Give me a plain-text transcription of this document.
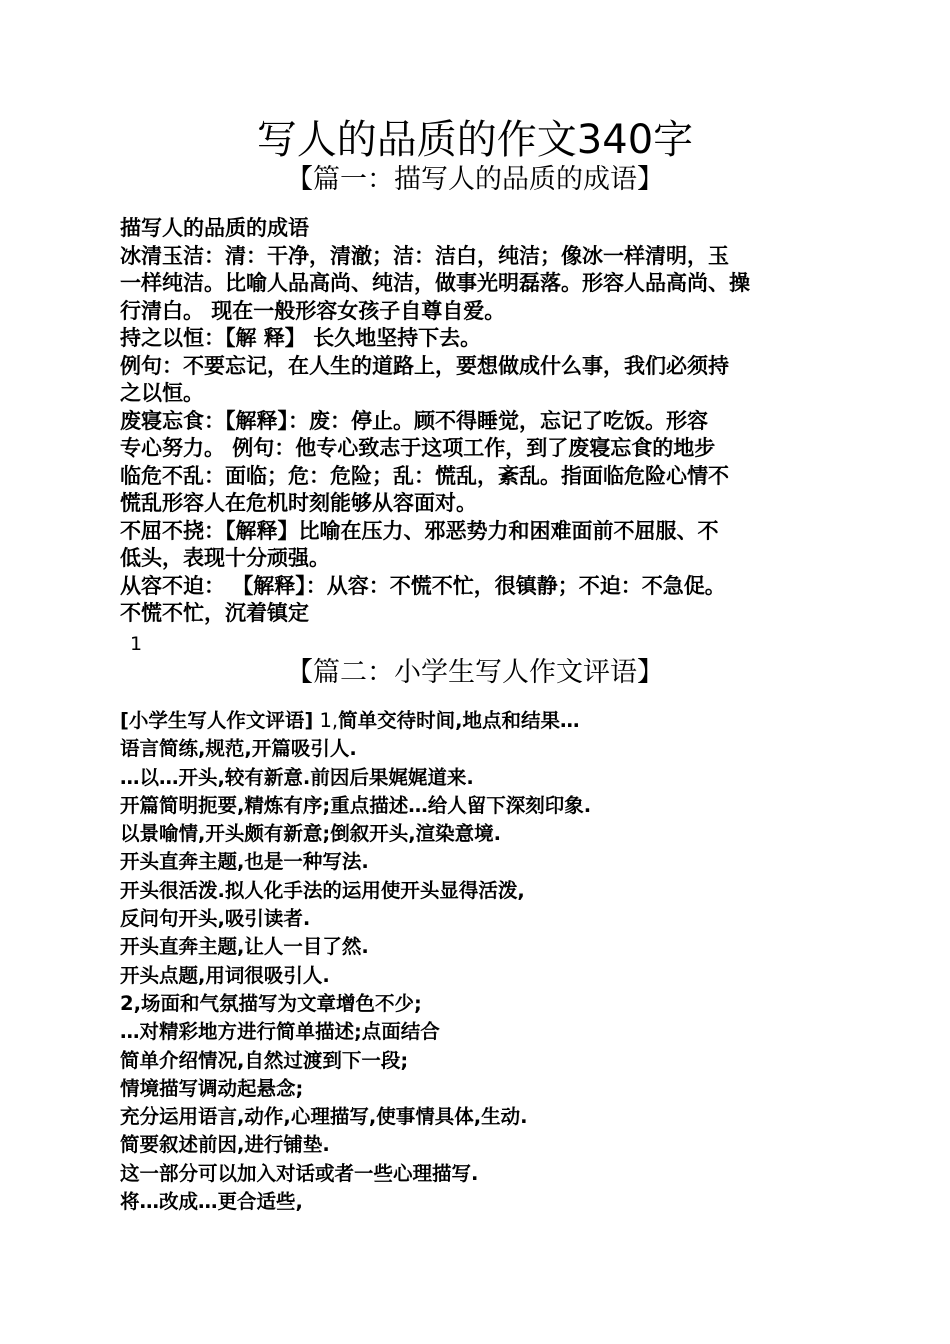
写人的品质的作文340字
【篇一：描写人的品质的成语】
描写人的品质的成语
冰清玉洁：清：干净，清澈；洁：洁白，纯洁；像冰一样清明，玉
一样纯洁。比喻人品高尚、纯洁，做事光明磊落。形容人品高尚、操
行清白。 现在一般形容女孩子自尊自爱。
持之以恒：【解 释】 长久地坚持下去。
例句：不要忘记，在人生的道路上，要想做成什么事，我们必须持
之以恒。
废寝忘食：【解释】：废：停止。顾不得睡觉，忘记了吃饭。形容
专心努力。 例句：他专心致志于这项工作，到了废寝忘食的地步
临危不乱：面临；危：危险；乱：慌乱，紊乱。指面临危险心情不
慌乱形容人在危机时刻能够从容面对。
不屈不挠：【解释】比喻在压力、邪恶势力和困难面前不屈服、不
低头，表现十分顽强。
从容不迫： 【解释】：从容：不慌不忙，很镇静；不迫：不急促。
不慌不忙，沉着镇定
1
【篇二：小学生写人作文评语】
[小学生写人作文评语] 1,简单交待时间,地点和结果…
语言简练,规范,开篇吸引人.
…以…开头,较有新意.前因后果娓娓道来.
开篇简明扼要,精炼有序;重点描述…给人留下深刻印象.
以景喻情,开头颇有新意;倒叙开头,渲染意境.
开头直奔主题,也是一种写法.
开头很活泼.拟人化手法的运用使开头显得活泼,
反问句开头,吸引读者.
开头直奔主题,让人一目了然.
开头点题,用词很吸引人.
2,场面和气氛描写为文章增色不少;
…对精彩地方进行简单描述;点面结合
简单介绍情况,自然过渡到下一段;
情境描写调动起悬念;
充分运用语言,动作,心理描写,使事情具体,生动.
简要叙述前因,进行铺垫.
这一部分可以加入对话或者一些心理描写.
将…改成…更合适些,
